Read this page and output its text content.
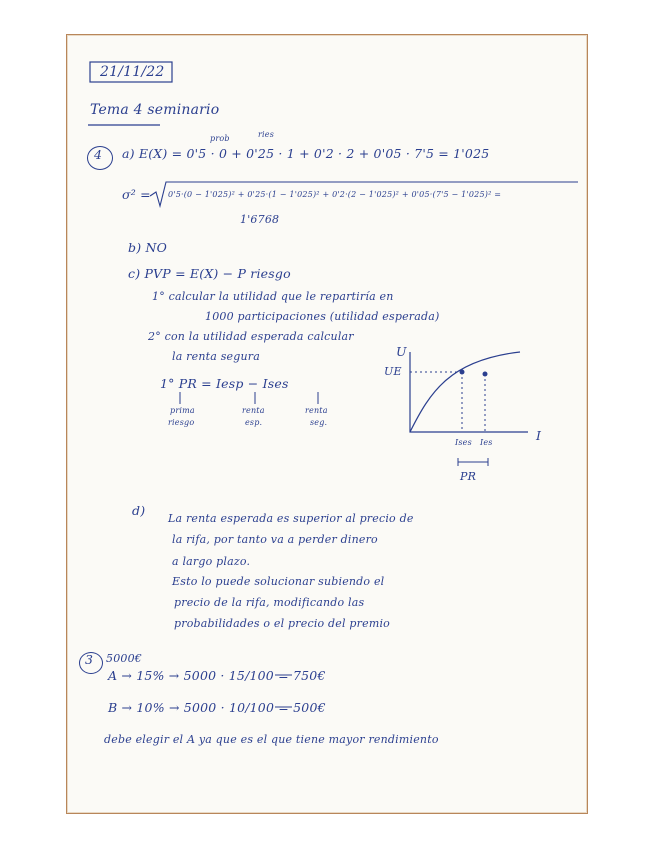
21/11/22
Tema 4 seminario
4
prob	ries
a) E(X) = 0'5 · 0 + 0'25 · 1 + 0'2 · 2 + 0'05 · 7'5 = 1'025
σ² = 0'5·(0 − 1'025)² + 0'25·(1 − 1'025)² + 0'2·(2 − 1'025)² + 0'05·(7'5 − 1'025)² =
1'6768
b) NO
c) PVP = E(X) − P riesgo
1° calcular la utilidad que le repartiría en
1000 participaciones (utilidad esperada)
2° con la utilidad esperada calcular
la renta segura
1° PR = Iesp − Ises
prima
riesgo
renta
esp.
renta
seg.
U
UE
I
Ises Ies
PR
d)
La renta esperada es superior al precio de
la rifa, por tanto va a perder dinero
a largo plazo.
Esto lo puede solucionar subiendo el
precio de la rifa, modificando las
probabilidades o el precio del premio
3 5000€
A → 15% → 5000 · 15/100 = 750€
B → 10% → 5000 · 10/100 = 500€
debe elegir el A ya que es el que tiene mayor rendimiento
